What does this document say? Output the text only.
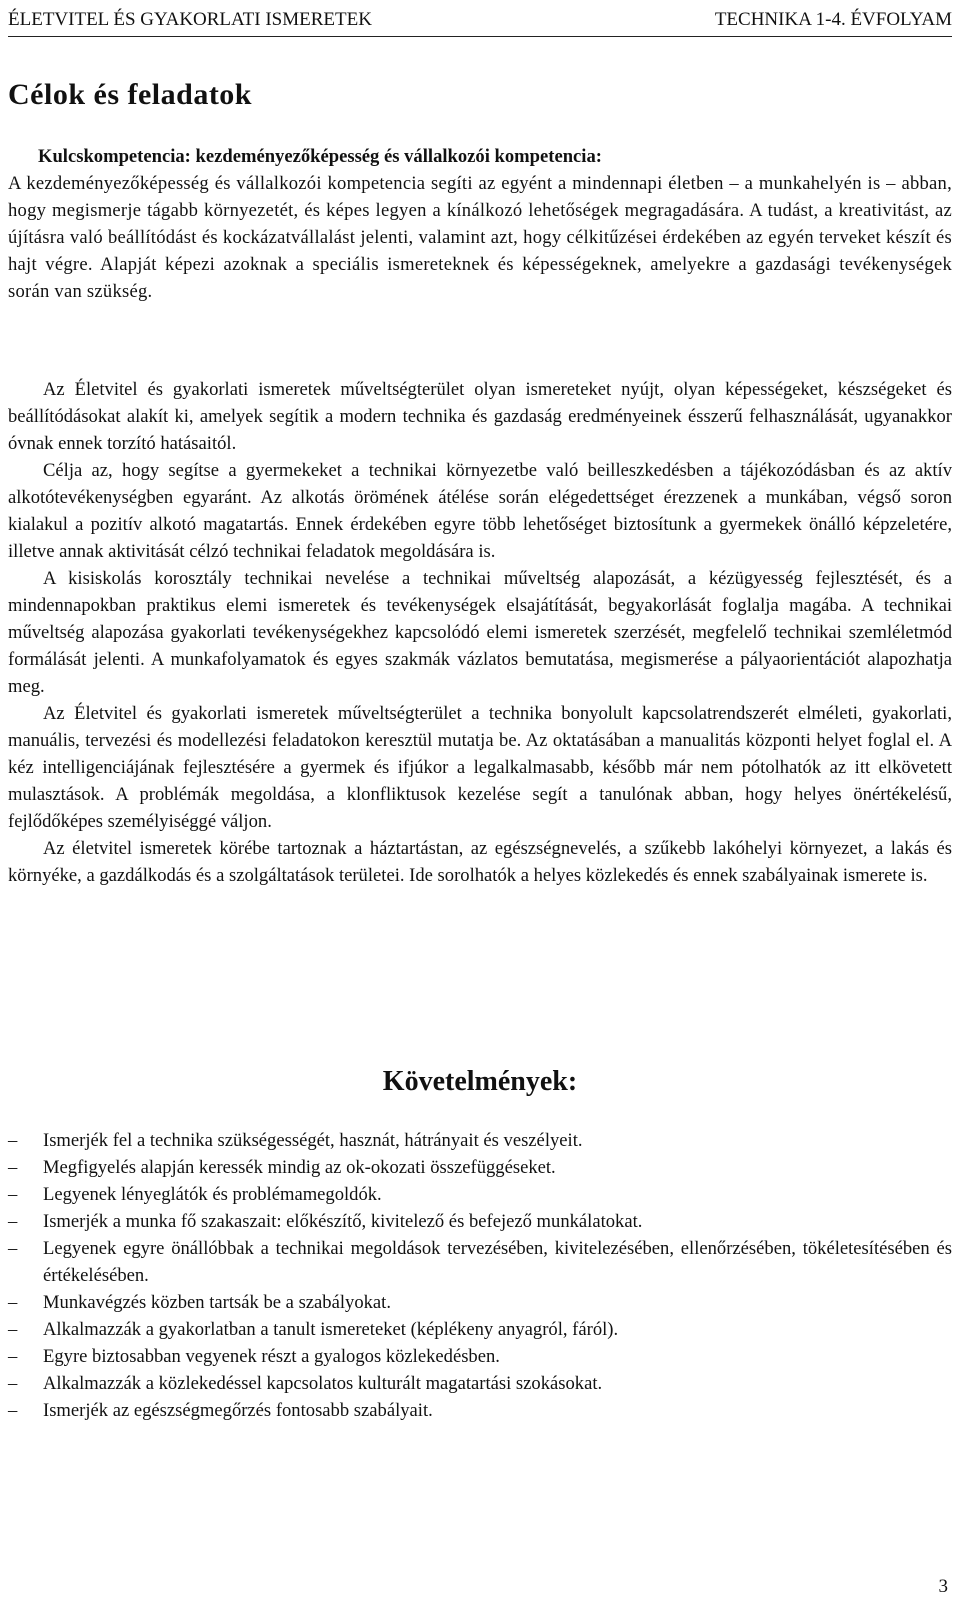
ÉLETVITEL ÉS GYAKORLATI ISMERETEK	TECHNIKA 1-4. ÉVFOLYAM
Célok és feladatok

Kulcskompetencia: kezdeményezőképesség és vállalkozói kompetencia:

A kezdeményezőképesség és vállalkozói kompetencia segíti az egyént a mindennapi életben – a munkahelyén is – abban, hogy megismerje tágabb környezetét, és képes legyen a kínálkozó lehetőségek megragadására. A tudást, a kreativitást, az újításra való beállítódást és kockázatvállalást jelenti, valamint azt, hogy célkitűzései érdekében az egyén terveket készít és hajt végre. Alapját képezi azoknak a speciális ismereteknek és képességeknek, amelyekre a gazdasági tevékenységek során van szükség.

Az Életvitel és gyakorlati ismeretek műveltségterület olyan ismereteket nyújt, olyan képességeket, készségeket és beállítódásokat alakít ki, amelyek segítik a modern technika és gazdaság eredményeinek ésszerű felhasználását, ugyanakkor óvnak ennek torzító hatásaitól.

Célja az, hogy segítse a gyermekeket a technikai környezetbe való beilleszkedésben a tájékozódásban és az aktív alkotótevékenységben egyaránt. Az alkotás örömének átélése során elégedettséget érezzenek a munkában, végső soron kialakul a pozitív alkotó magatartás. Ennek érdekében egyre több lehetőséget biztosítunk a gyermekek önálló képzeletére, illetve annak aktivitását célzó technikai feladatok megoldására is.

A kisiskolás korosztály technikai nevelése a technikai műveltség alapozását, a kézügyesség fejlesztését, és a mindennapokban praktikus elemi ismeretek és tevékenységek elsajátítását, begyakorlását foglalja magába. A technikai műveltség alapozása gyakorlati tevékenységekhez kapcsolódó elemi ismeretek szerzését, megfelelő technikai szemléletmód formálását jelenti. A munkafolyamatok és egyes szakmák vázlatos bemutatása, megismerése a pályaorientációt alapozhatja meg.

Az Életvitel és gyakorlati ismeretek műveltségterület a technika bonyolult kapcsolatrendszerét elméleti, gyakorlati, manuális, tervezési és modellezési feladatokon keresztül mutatja be. Az oktatásában a manualitás központi helyet foglal el. A kéz intelligenciájának fejlesztésére a gyermek és ifjúkor a legalkalmasabb, később már nem pótolhatók az itt elkövetett mulasztások. A problémák megoldása, a klonfliktusok kezelése segít a tanulónak abban, hogy helyes önértékelésű, fejlődőképes személyiséggé váljon.

Az életvitel ismeretek körébe tartoznak a háztartástan, az egészségnevelés, a szűkebb lakóhelyi környezet, a lakás és környéke, a gazdálkodás és a szolgáltatások területei. Ide sorolhatók a helyes közlekedés és ennek szabályainak ismerete is.

Követelmények:
– Ismerjék fel a technika szükségességét, hasznát, hátrányait és veszélyeit.
– Megfigyelés alapján keressék mindig az ok-okozati összefüggéseket.
– Legyenek lényeglátók és problémamegoldók.
– Ismerjék a munka fő szakaszait: előkészítő, kivitelező és befejező munkálatokat.
– Legyenek egyre önállóbbak a technikai megoldások tervezésében, kivitelezésében, ellenőrzésében, tökéletesítésében és értékelésében.
– Munkavégzés közben tartsák be a szabályokat.
– Alkalmazzák a gyakorlatban a tanult ismereteket (képlékeny anyagról, fáról).
– Egyre biztosabban vegyenek részt a gyalogos közlekedésben.
– Alkalmazzák a közlekedéssel kapcsolatos kulturált magatartási szokásokat.
– Ismerjék az egészségmegőrzés fontosabb szabályait.
3
